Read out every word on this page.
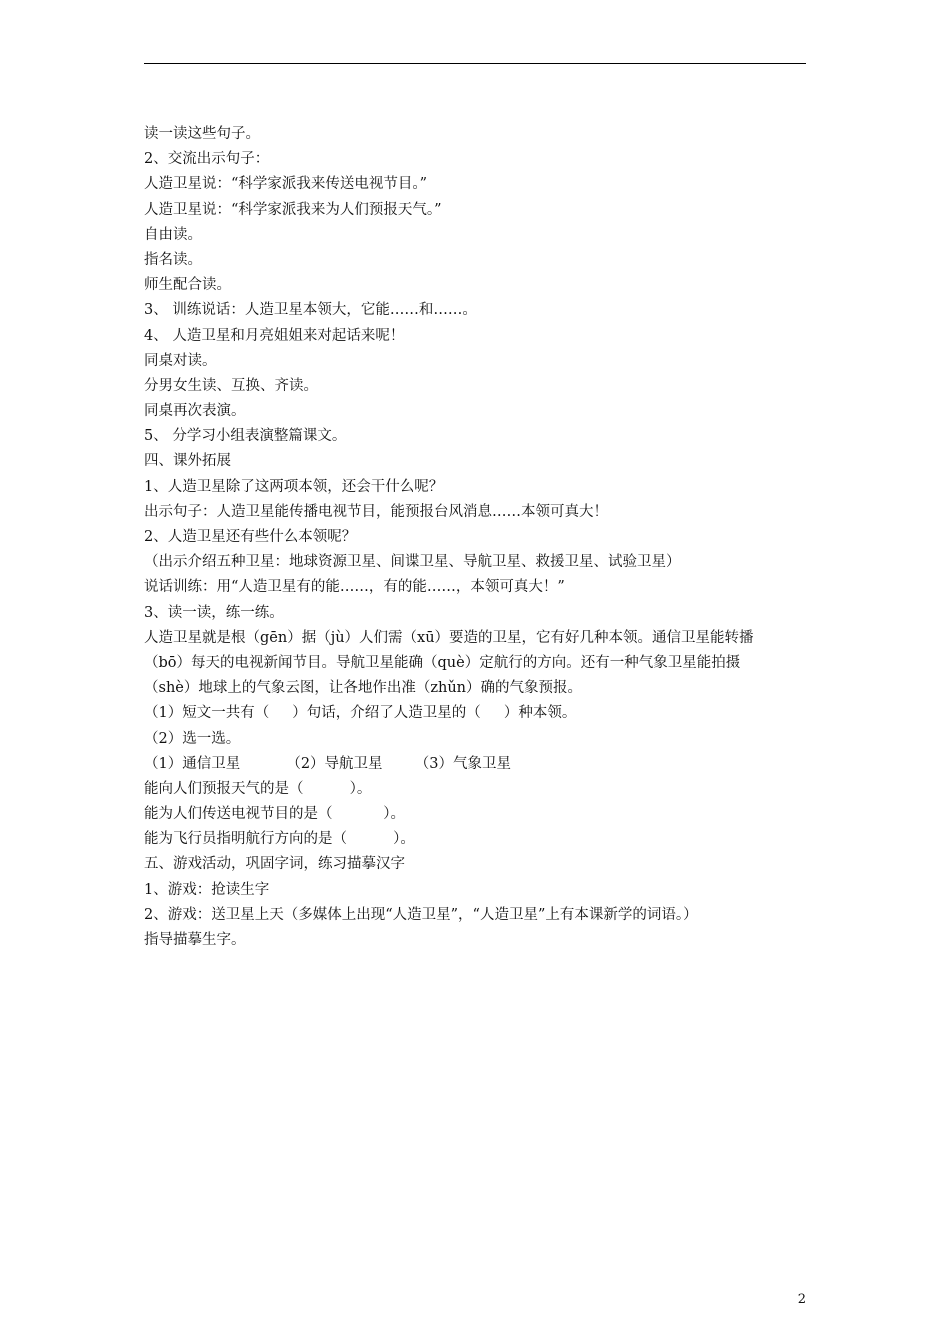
读一读这些句子。
2、交流出示句子：
人造卫星说：“科学家派我来传送电视节目。”
人造卫星说：“科学家派我来为人们预报天气。”
自由读。
指名读。
师生配合读。
3、 训练说话：人造卫星本领大，它能……和……。
4、 人造卫星和月亮姐姐来对起话来呢！
同桌对读。
分男女生读、互换、齐读。
同桌再次表演。
5、 分学习小组表演整篇课文。
四、课外拓展
1、人造卫星除了这两项本领，还会干什么呢？
出示句子：人造卫星能传播电视节目，能预报台风消息……本领可真大！
2、人造卫星还有些什么本领呢？
（出示介绍五种卫星：地球资源卫星、间谍卫星、导航卫星、救援卫星、试验卫星）
说话训练：用“人造卫星有的能……，有的能……，本领可真大！”
3、读一读，练一练。
人造卫星就是根（gēn）据（jù）人们需（xū）要造的卫星，它有好几种本领。通信卫星能转播
（bō）每天的电视新闻节目。导航卫星能确（què）定航行的方向。还有一种气象卫星能拍摄
（shè）地球上的气象云图，让各地作出准（zhǔn）确的气象预报。
（1）短文一共有（     ）句话，介绍了人造卫星的（     ）种本领。
（2）选一选。
（1）通信卫星          （2）导航卫星       （3）气象卫星
能向人们预报天气的是（          ）。
能为人们传送电视节目的是（           ）。
能为飞行员指明航行方向的是（          ）。
五、游戏活动，巩固字词，练习描摹汉字
1、游戏：抢读生字
2、游戏：送卫星上天（多媒体上出现“人造卫星”，“人造卫星”上有本课新学的词语。）
指导描摹生字。
2
